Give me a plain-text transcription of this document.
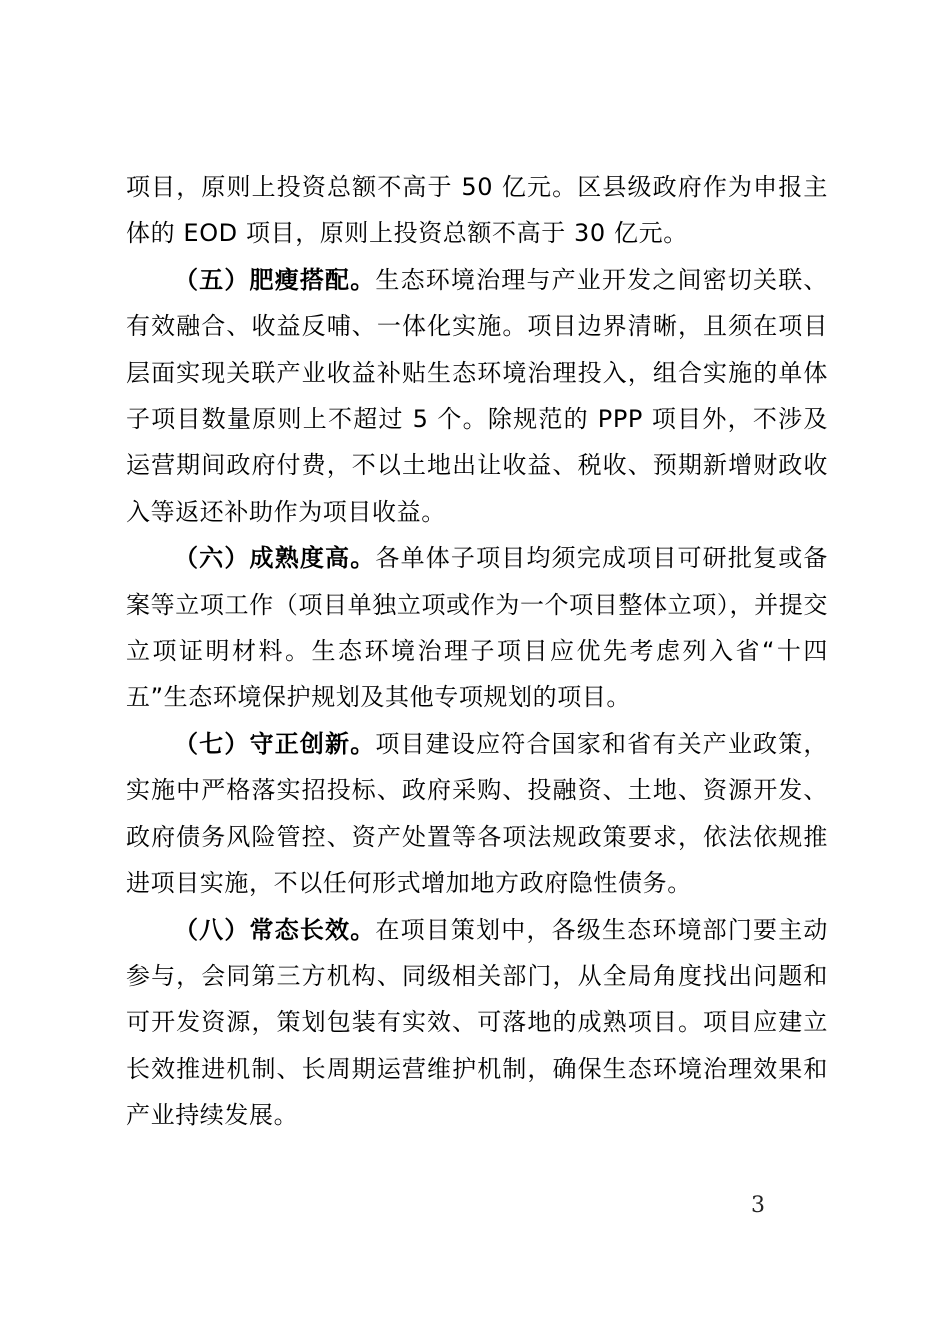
项目，原则上投资总额不高于 50 亿元。区县级政府作为申报主体的 EOD 项目，原则上投资总额不高于 30 亿元。

（五）肥瘦搭配。生态环境治理与产业开发之间密切关联、有效融合、收益反哺、一体化实施。项目边界清晰，且须在项目层面实现关联产业收益补贴生态环境治理投入，组合实施的单体子项目数量原则上不超过 5 个。除规范的 PPP 项目外，不涉及运营期间政府付费，不以土地出让收益、税收、预期新增财政收入等返还补助作为项目收益。

（六）成熟度高。各单体子项目均须完成项目可研批复或备案等立项工作（项目单独立项或作为一个项目整体立项），并提交立项证明材料。生态环境治理子项目应优先考虑列入省“十四五”生态环境保护规划及其他专项规划的项目。

（七）守正创新。项目建设应符合国家和省有关产业政策，实施中严格落实招投标、政府采购、投融资、土地、资源开发、政府债务风险管控、资产处置等各项法规政策要求，依法依规推进项目实施，不以任何形式增加地方政府隐性债务。

（八）常态长效。在项目策划中，各级生态环境部门要主动参与，会同第三方机构、同级相关部门，从全局角度找出问题和可开发资源，策划包装有实效、可落地的成熟项目。项目应建立长效推进机制、长周期运营维护机制，确保生态环境治理效果和产业持续发展。

3
